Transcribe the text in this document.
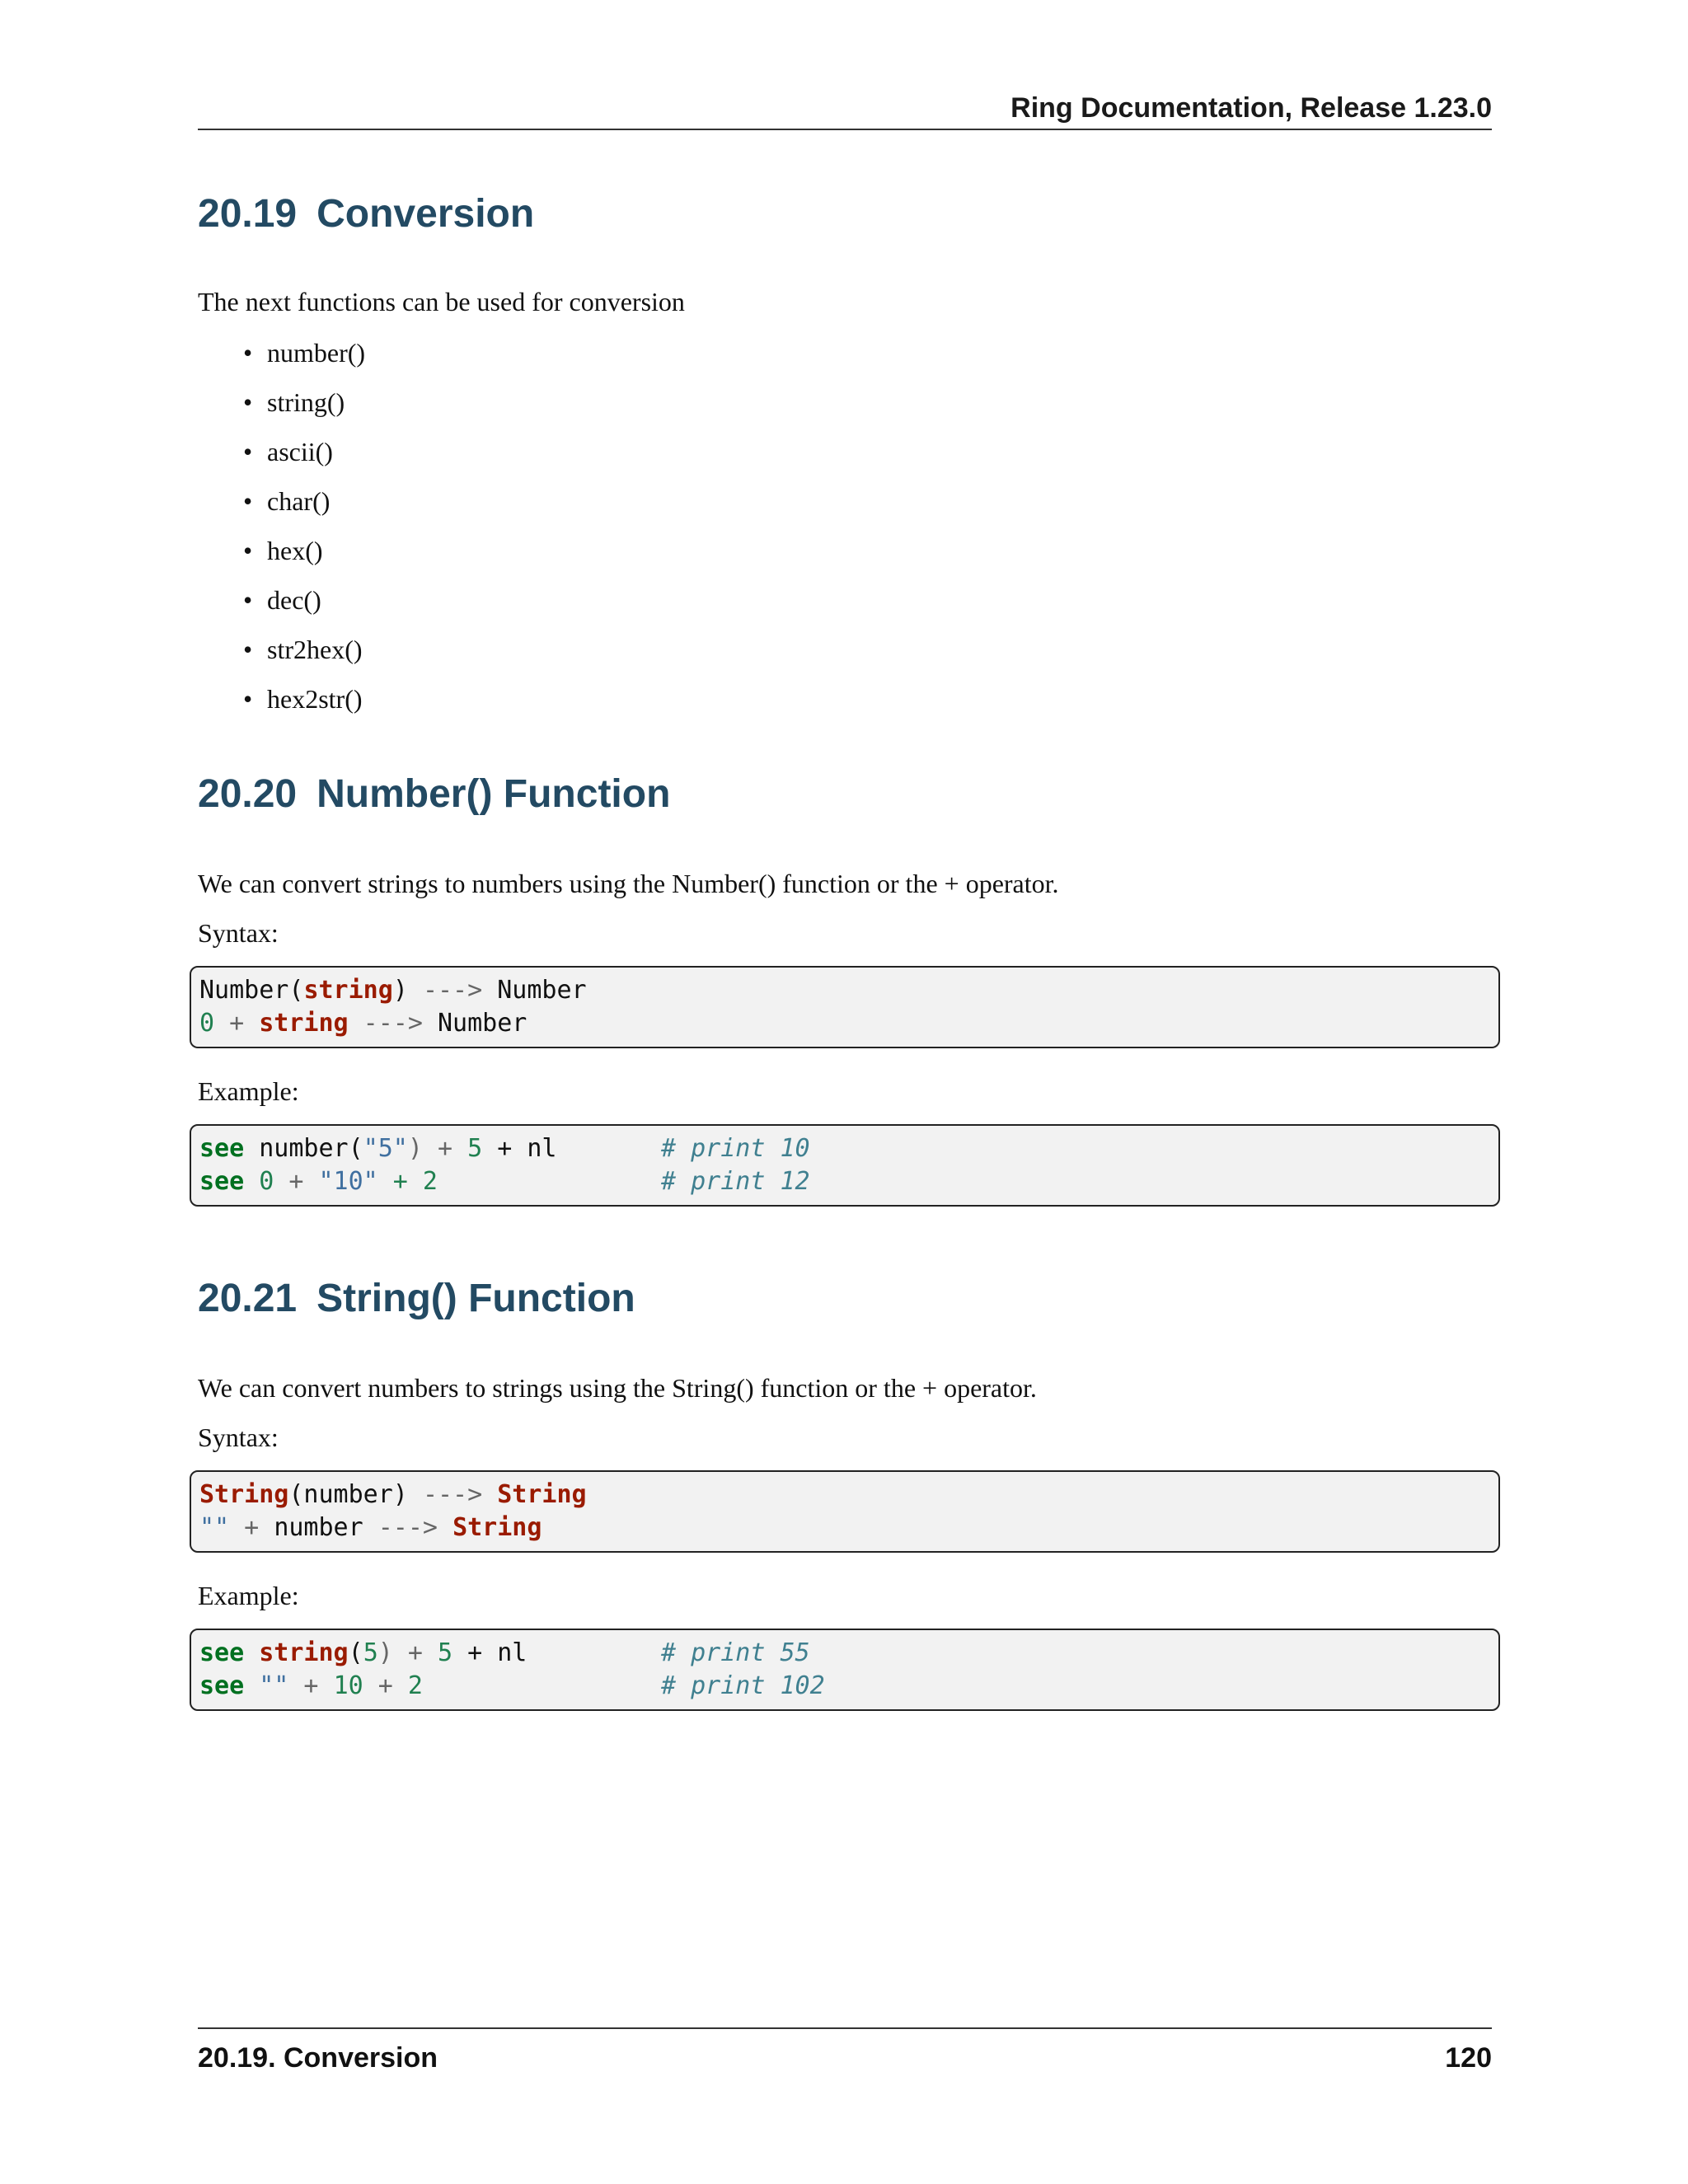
Ring Documentation, Release 1.23.0
20.19 Conversion

The next functions can be used for conversion

• number()
• string()
• ascii()
• char()
• hex()
• dec()
• str2hex()
• hex2str()
20.20 Number() Function

We can convert strings to numbers using the Number() function or the + operator.

Syntax:

Number(string) ---> Number
0 + string ---> Number

Example:

see number("5") + 5 + nl	# print 10
see 0 + "10" + 2	# print 12
20.21 String() Function

We can convert numbers to strings using the String() function or the + operator.

Syntax:

String(number) ---> String
"" + number ---> String

Example:

see string(5) + 5 + nl	# print 55
see "" + 10 + 2	# print 102
20.19. Conversion	120
